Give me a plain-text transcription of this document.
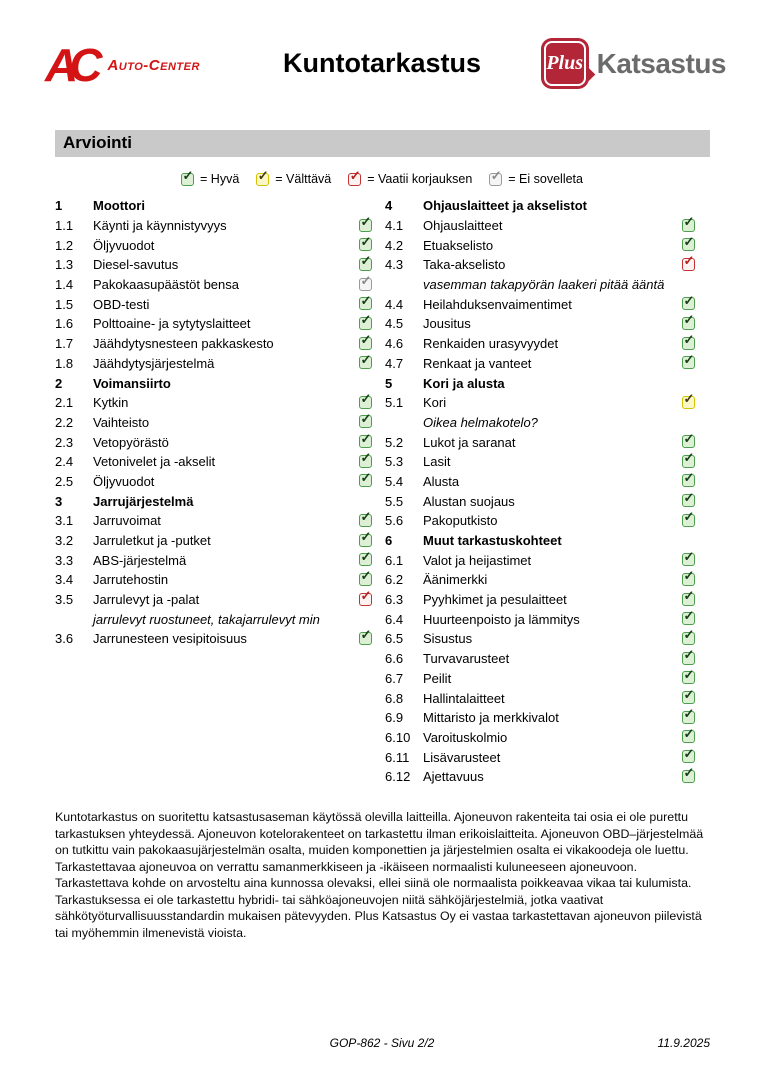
AC Auto-Center	Kuntotarkastus	Plus Katsastus
Arviointi
✓ = Hyvä ✓ = Välttävä ✓ = Vaatii korjauksen ✓ = Ei sovelleta
1	Moottori
1.1	Käynti ja käynnistyvyys	✓
1.2	Öljyvuodot	✓
1.3	Diesel-savutus	✓
1.4	Pakokaasupäästöt bensa	✓
1.5	OBD-testi	✓
1.6	Polttoaine- ja sytytyslaitteet	✓
1.7	Jäähdytysnesteen pakkaskesto	✓
1.8	Jäähdytysjärjestelmä	✓
2	Voimansiirto
2.1	Kytkin	✓
2.2	Vaihteisto	✓
2.3	Vetopyörästö	✓
2.4	Vetonivelet ja -akselit	✓
2.5	Öljyvuodot	✓
3	Jarrujärjestelmä
3.1	Jarruvoimat	✓
3.2	Jarruletkut ja -putket	✓
3.3	ABS-järjestelmä	✓
3.4	Jarrutehostin	✓
3.5	Jarrulevyt ja -palat	✓
jarrulevyt ruostuneet, takajarrulevyt min
3.6	Jarrunesteen vesipitoisuus	✓
4	Ohjauslaitteet ja akselistot
4.1	Ohjauslaitteet	✓
4.2	Etuakselisto	✓
4.3	Taka-akselisto	✓
vasemman takapyörän laakeri pitää ääntä
4.4	Heilahduksenvaimentimet	✓
4.5	Jousitus	✓
4.6	Renkaiden urasyvyydet	✓
4.7	Renkaat ja vanteet	✓
5	Kori ja alusta
5.1	Kori	✓
Oikea helmakotelo?
5.2	Lukot ja saranat	✓
5.3	Lasit	✓
5.4	Alusta	✓
5.5	Alustan suojaus	✓
5.6	Pakoputkisto	✓
6	Muut tarkastuskohteet
6.1	Valot ja heijastimet	✓
6.2	Äänimerkki	✓
6.3	Pyyhkimet ja pesulaitteet	✓
6.4	Huurteenpoisto ja lämmitys	✓
6.5	Sisustus	✓
6.6	Turvavarusteet	✓
6.7	Peilit	✓
6.8	Hallintalaitteet	✓
6.9	Mittaristo ja merkkivalot	✓
6.10 Varoituskolmio	✓
6.11	Lisävarusteet	✓
6.12 Ajettavuus	✓
Kuntotarkastus on suoritettu katsastusaseman käytössä olevilla laitteilla. Ajoneuvon rakenteita tai osia ei ole purettu tarkastuksen yhteydessä. Ajoneuvon kotelorakenteet on tarkastettu ilman erikoislaitteita. Ajoneuvon OBD–järjestelmää on tutkittu vain pakokaasujärjestelmän osalta, muiden komponettien ja järjestelmien osalta ei vikakoodeja ole luettu. Tarkastettavaa ajoneuvoa on verrattu samanmerkkiseen ja -ikäiseen normaalisti kuluneeseen ajoneuvoon. Tarkastettava kohde on arvosteltu aina kunnossa olevaksi, ellei siinä ole normaalista poikkeavaa vikaa tai kulumista. Tarkastuksessa ei ole tarkastettu hybridi- tai sähköajoneuvojen niitä sähköjärjestelmiä, jotka vaativat sähkötyöturvallisuusstandardin mukaisen pätevyyden. Plus Katsastus Oy ei vastaa tarkastettavan ajoneuvon piilevistä tai myöhemmin ilmenevistä vioista.
GOP-862 - Sivu 2/2	11.9.2025
